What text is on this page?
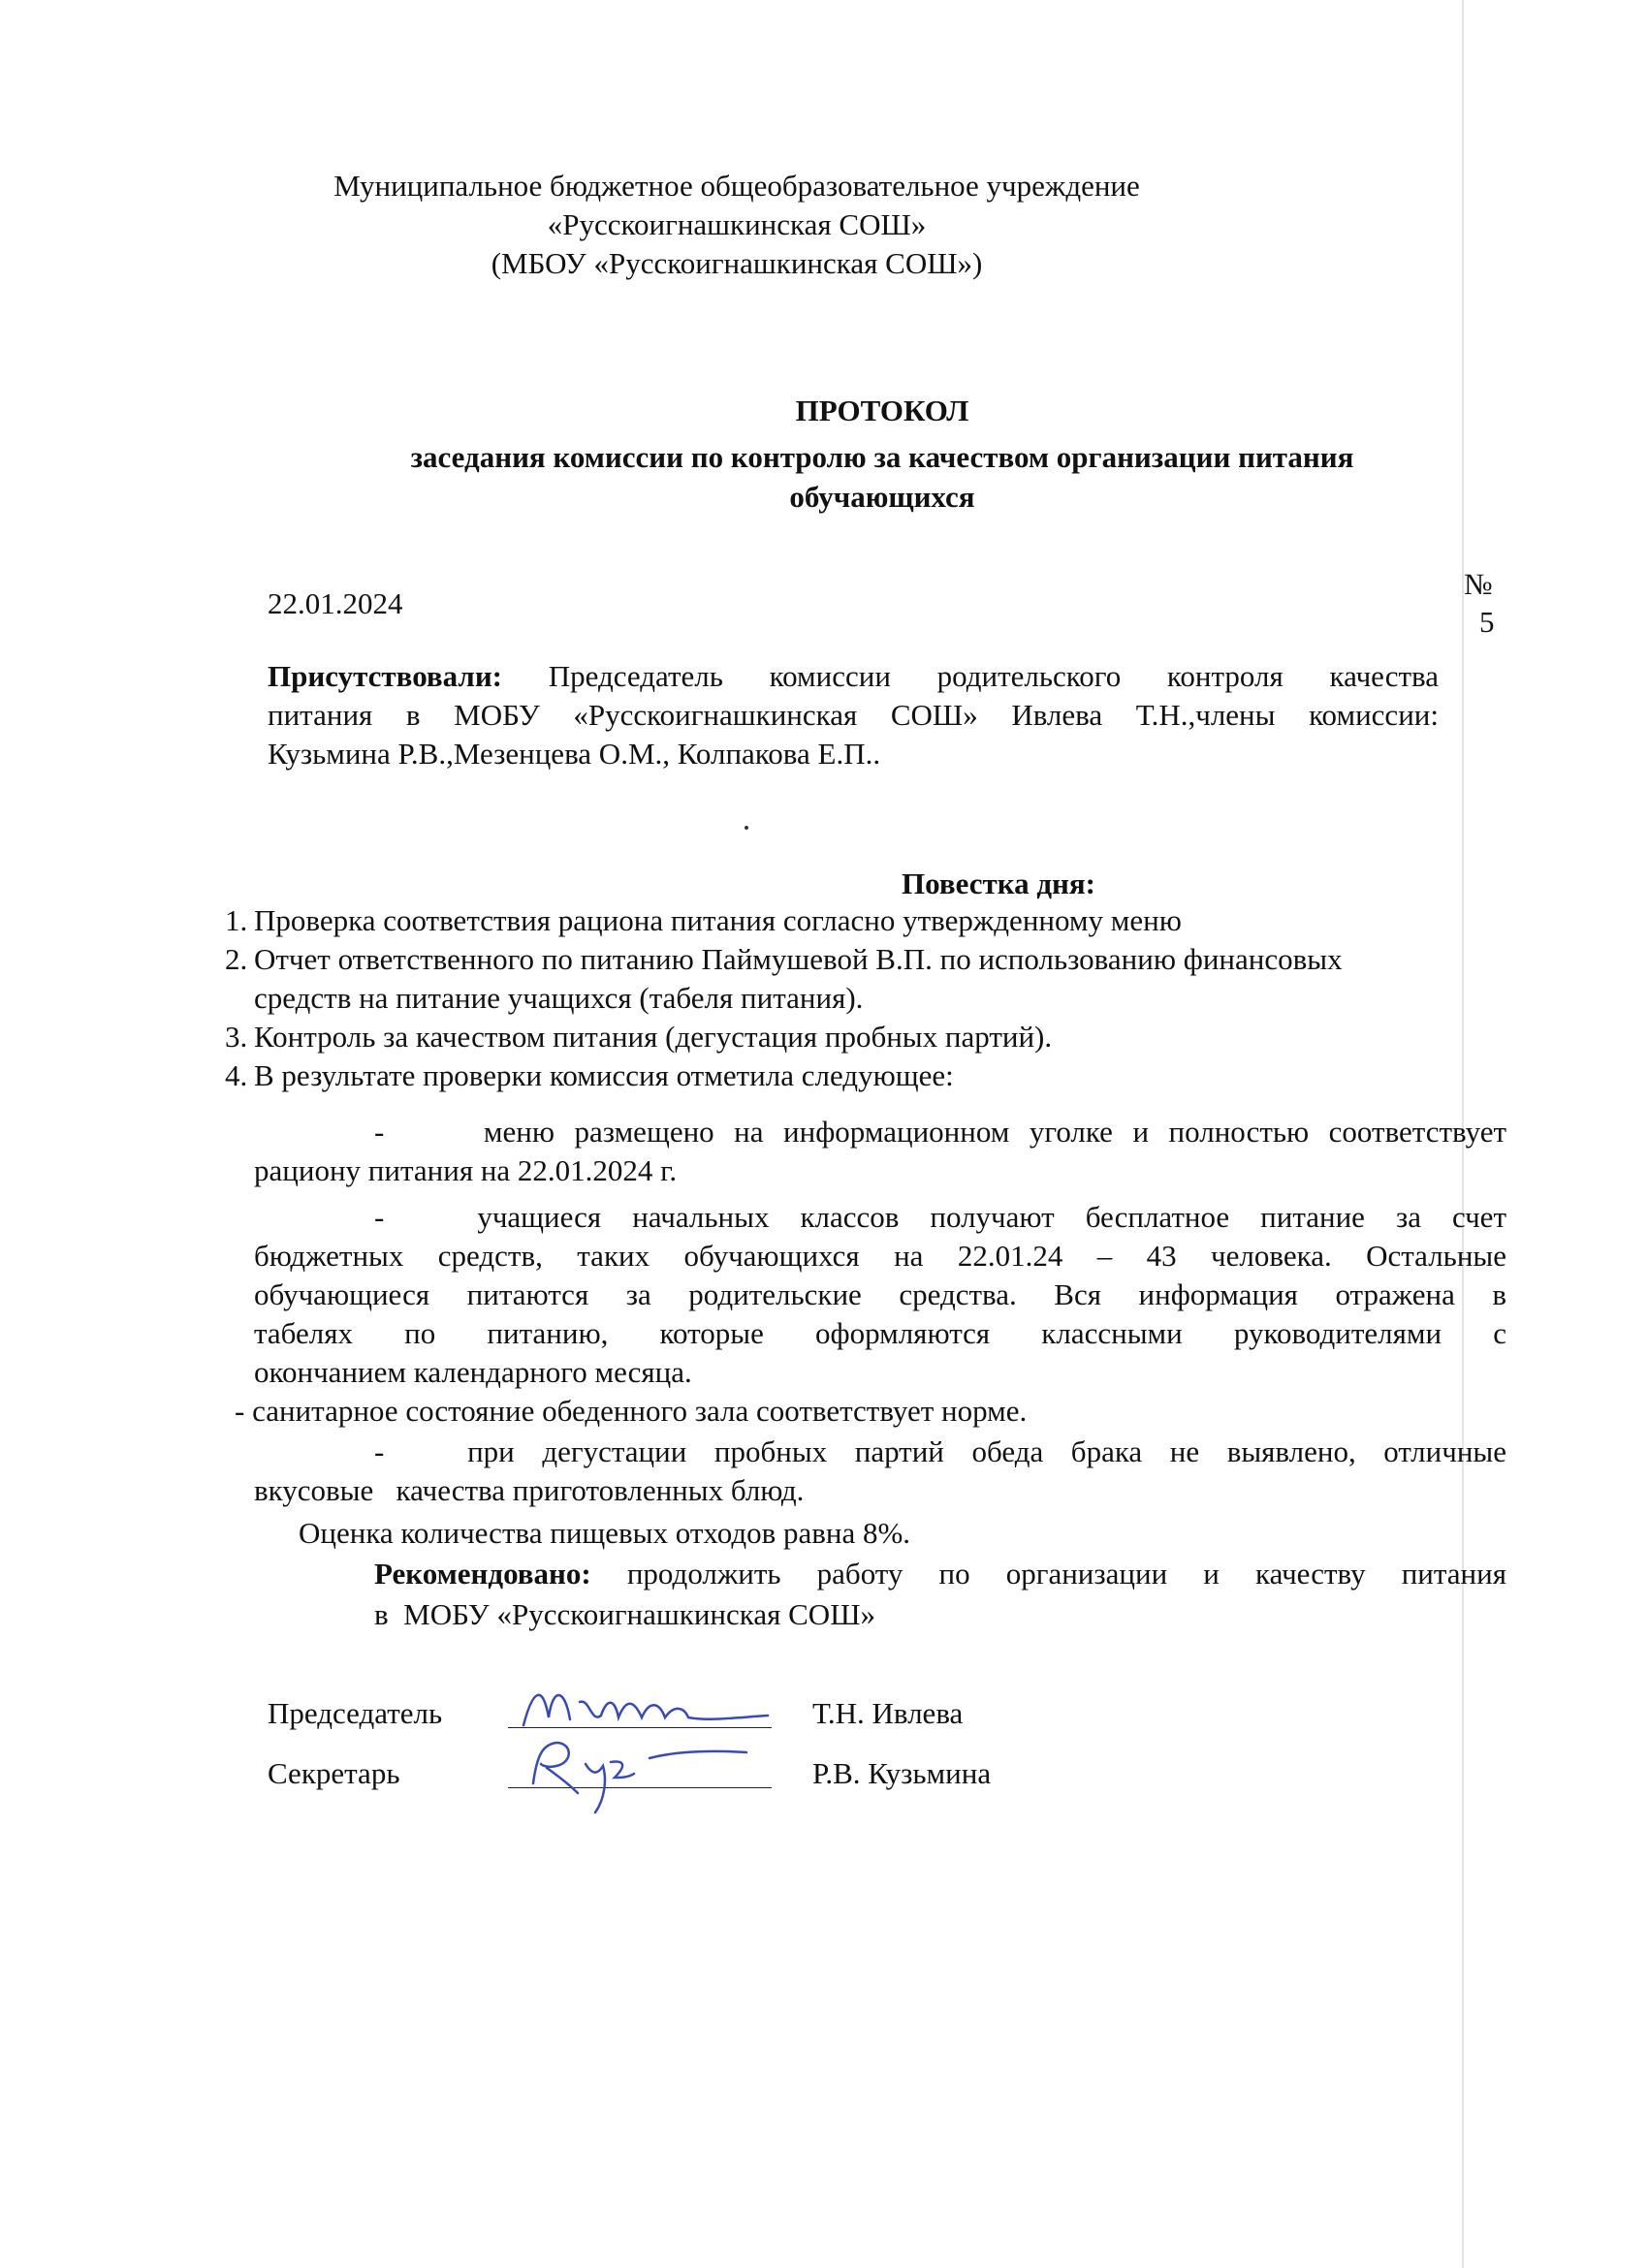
Муниципальное бюджетное общеобразовательное учреждение
«Русскоигнашкинская СОШ»
(МБОУ «Русскоигнашкинская СОШ»)
ПРОТОКОЛ
заседания комиссии по контролю за качеством организации питания
обучающихся
22.01.2024
№
5
Присутствовали: Председатель комиссии родительского контроля качества
питания в МОБУ «Русскоигнашкинская СОШ» Ивлева Т.Н.,члены комиссии:
Кузьмина Р.В.,Мезенцева О.М., Колпакова Е.П..
Повестка дня:
1. Проверка соответствия рациона питания согласно утвержденному меню
2. Отчет ответственного по питанию Паймушевой В.П. по использованию финансовых
средств на питание учащихся (табеля питания).
3. Контроль за качеством питания (дегустация пробных партий).
4. В результате проверки комиссия отметила следующее:
-     меню размещено на информационном уголке и полностью соответствует
рациону питания на 22.01.2024 г.
-   учащиеся начальных классов получают бесплатное питание за счет
бюджетных средств, таких обучающихся на 22.01.24 – 43 человека. Остальные
обучающиеся питаются за родительские средства. Вся информация отражена в
табелях по питанию, которые оформляются классными руководителями с
окончанием календарного месяца.
- санитарное состояние обеденного зала соответствует норме.
-   при дегустации пробных партий обеда брака не выявлено, отличные
вкусовые   качества приготовленных блюд.
Оценка количества пищевых отходов равна 8%.
Рекомендовано: продолжить работу по организации и качеству питания
в  МОБУ «Русскоигнашкинская СОШ»
Председатель	Ивлева	Т.Н. Ивлева
Секретарь	Куз	Р.В. Кузьмина
